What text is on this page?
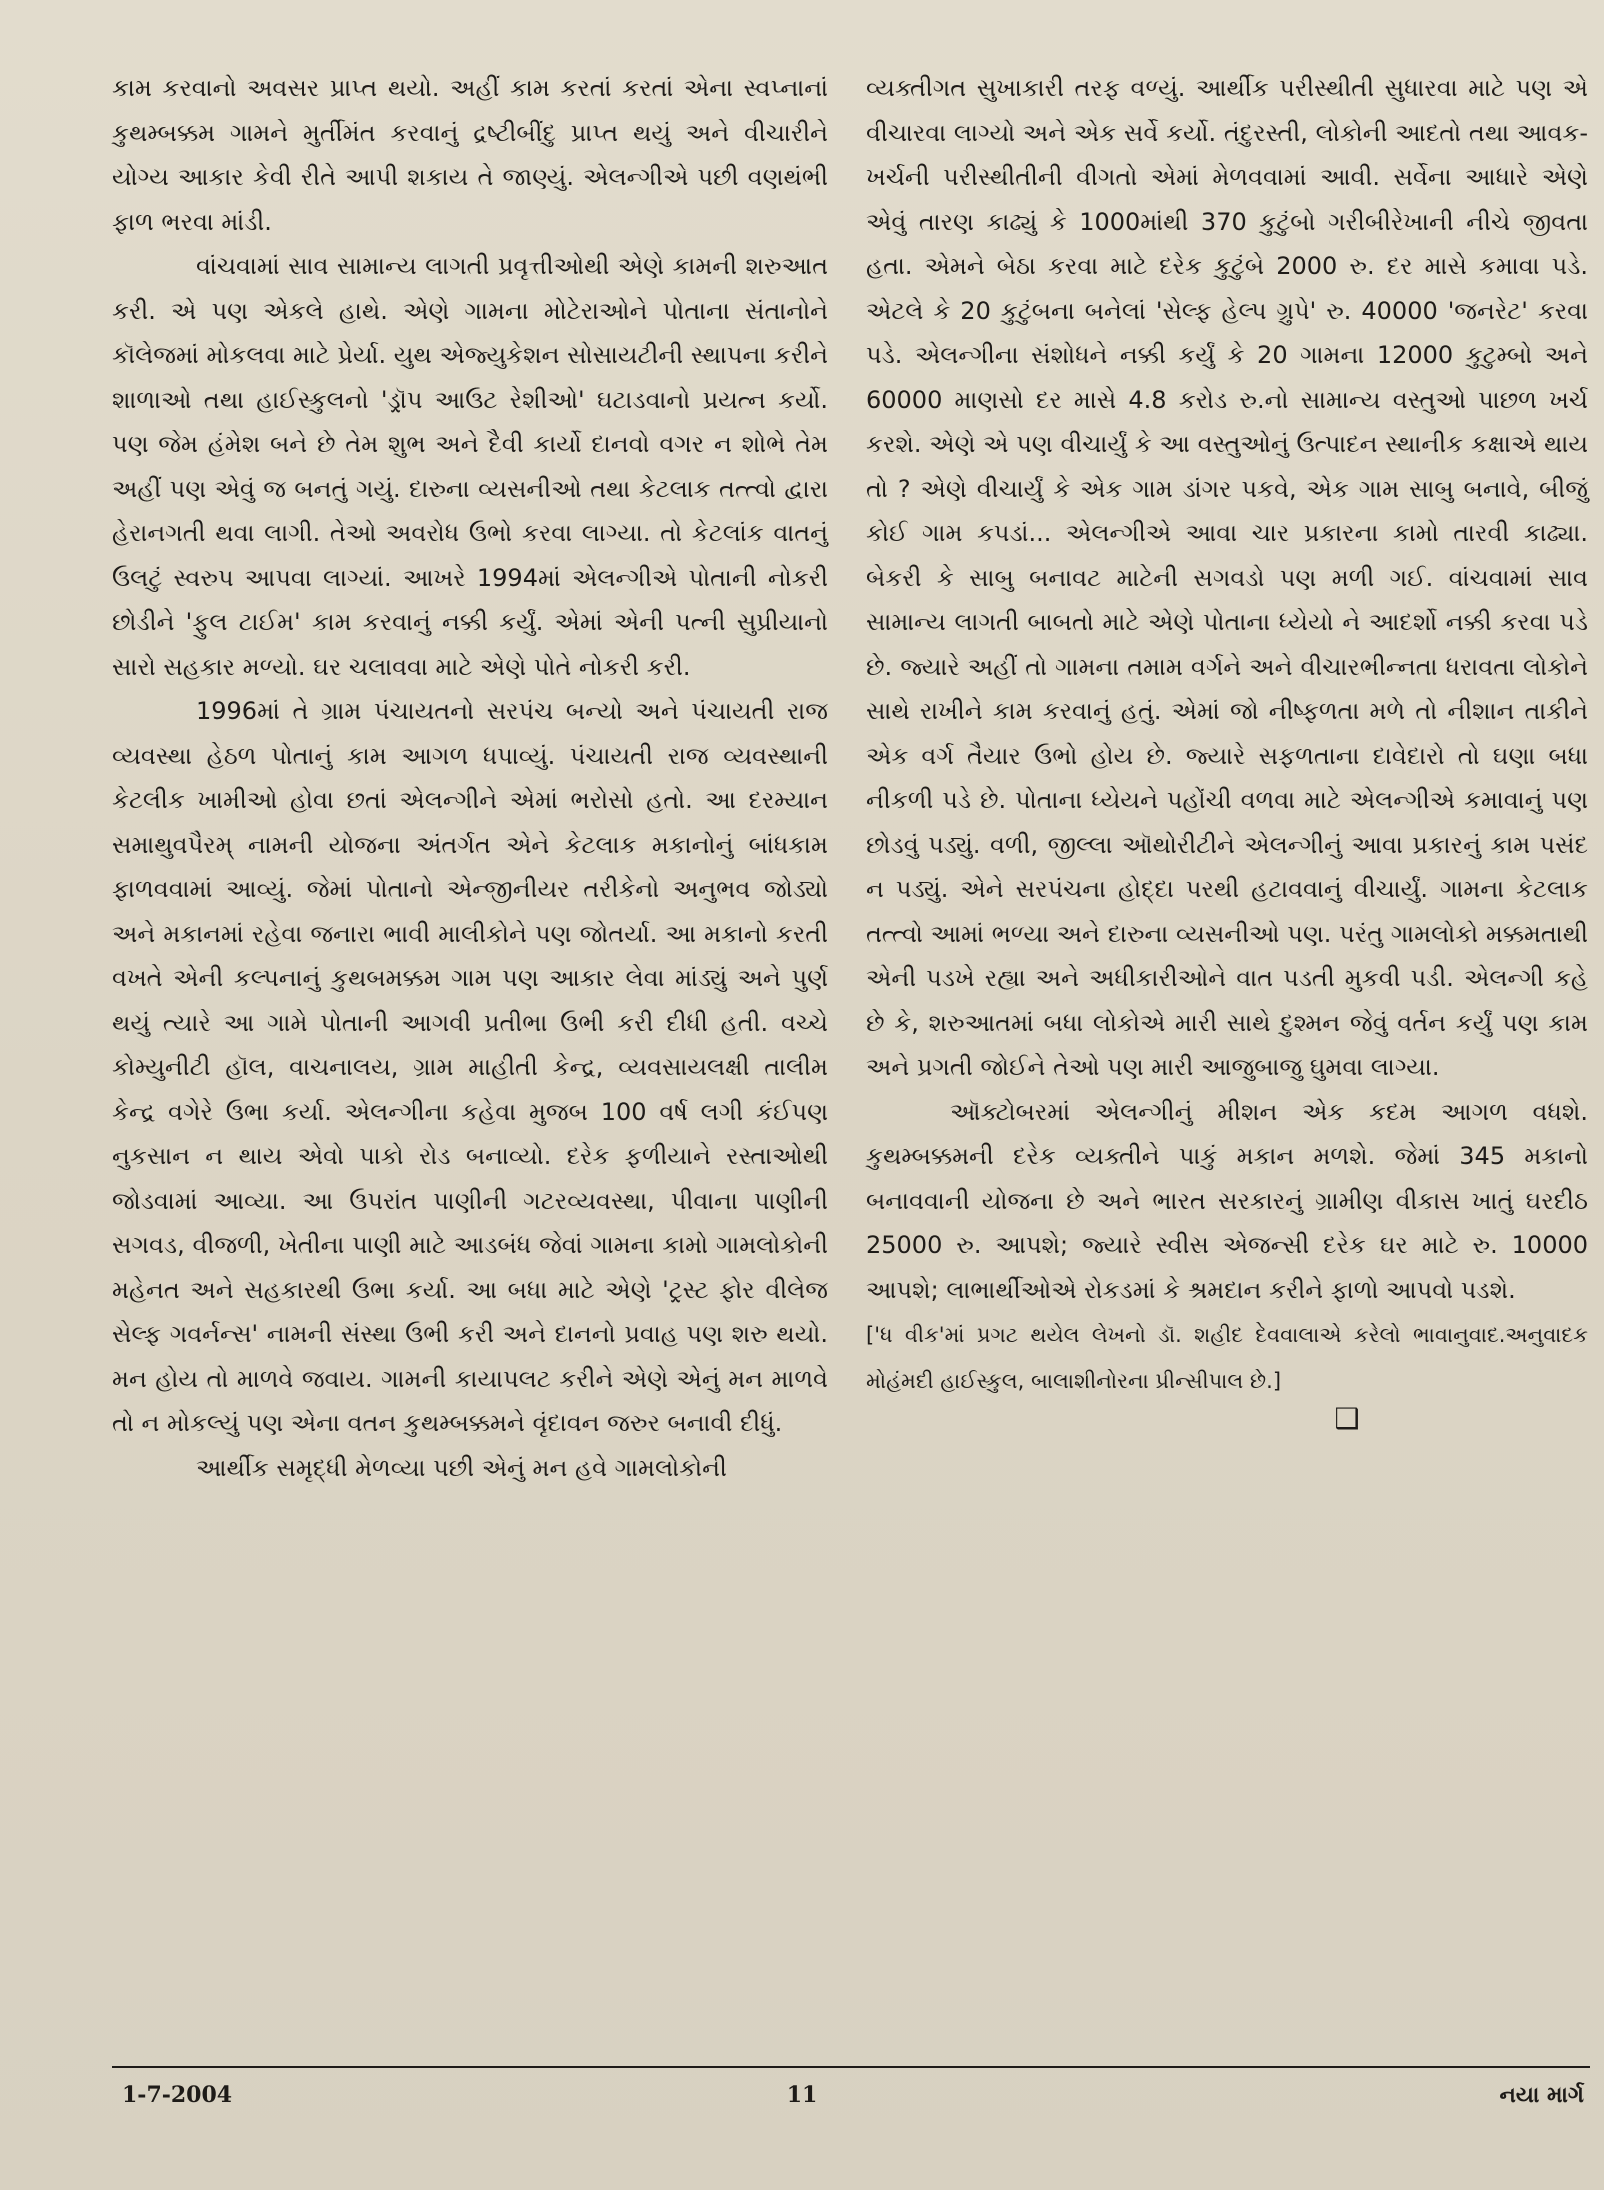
કામ કરવાનો અવસર પ્રાપ્ત થયો. અહીં કામ કરતાં કરતાં એના સ્વપ્નાનાં કુથમ્બક્કમ ગામને મુર્તીમંત કરવાનું દ્રષ્ટીબીંદુ પ્રાપ્ત થયું અને વીચારીને યોગ્ય આકાર કેવી રીતે આપી શકાય તે જાણ્યું. એલન્ગીએ પછી વણથંભી ફાળ ભરવા માંડી.

વાંચવામાં સાવ સામાન્ય લાગતી પ્રવૃત્તીઓથી એણે કામની શરુઆત કરી. એ પણ એકલે હાથે. એણે ગામના મોટેરાઓને પોતાના સંતાનોને કૉલેજમાં મોકલવા માટે પ્રેર્યા. યુથ એજ્યુકેશન સોસાયટીની સ્થાપના કરીને શાળાઓ તથા હાઈસ્કુલનો 'ડ્રૉપ આઉટ રેશીઓ' ઘટાડવાનો પ્રયત્ન કર્યો. પણ જેમ હંમેશ બને છે તેમ શુભ અને દૈવી કાર્યો દાનવો વગર ન શોભે તેમ અહીં પણ એવું જ બનતું ગયું. દારુના વ્યસનીઓ તથા કેટલાક તત્ત્વો દ્વારા હેરાનગતી થવા લાગી. તેઓ અવરોધ ઉભો કરવા લાગ્યા. તો કેટલાંક વાતનું ઉલટું સ્વરુપ આપવા લાગ્યાં. આખરે 1994માં એલન્ગીએ પોતાની નોકરી છોડીને 'ફુલ ટાઈમ' કામ કરવાનું નક્કી કર્યું. એમાં એની પત્ની સુપ્રીયાનો સારો સહકાર મળ્યો. ઘર ચલાવવા માટે એણે પોતે નોકરી કરી.

1996માં તે ગ્રામ પંચાયતનો સરપંચ બન્યો અને પંચાયતી રાજ વ્યવસ્થા હેઠળ પોતાનું કામ આગળ ધપાવ્યું. પંચાયતી રાજ વ્યવસ્થાની કેટલીક ખામીઓ હોવા છતાં એલન્ગીને એમાં ભરોસો હતો. આ દરમ્યાન સમાથુવપૈરમ્ નામની યોજના અંતર્ગત એને કેટલાક મકાનોનું બાંધકામ ફાળવવામાં આવ્યું. જેમાં પોતાનો એન્જીનીયર તરીકેનો અનુભવ જોડ્યો અને મકાનમાં રહેવા જનારા ભાવી માલીકોને પણ જોતર્યા. આ મકાનો કરતી વખતે એની કલ્પનાનું કુથબમક્કમ ગામ પણ આકાર લેવા માંડ્યું અને પુર્ણ થયું ત્યારે આ ગામે પોતાની આગવી પ્રતીભા ઉભી કરી દીધી હતી. વચ્ચે કોમ્યુનીટી હૉલ, વાચનાલય, ગ્રામ માહીતી કેન્દ્ર, વ્યવસાયલક્ષી તાલીમ કેન્દ્ર વગેરે ઉભા કર્યા. એલન્ગીના કહેવા મુજબ 100 વર્ષ લગી કંઈપણ નુકસાન ન થાય એવો પાકો રોડ બનાવ્યો. દરેક ફળીયાને રસ્તાઓથી જોડવામાં આવ્યા. આ ઉપરાંત પાણીની ગટરવ્યવસ્થા, પીવાના પાણીની સગવડ, વીજળી, ખેતીના પાણી માટે આડબંધ જેવાં ગામના કામો ગામલોકોની મહેનત અને સહકારથી ઉભા કર્યા. આ બધા માટે એણે 'ટ્રસ્ટ ફોર વીલેજ સેલ્ફ ગવર્નન્સ' નામની સંસ્થા ઉભી કરી અને દાનનો પ્રવાહ પણ શરુ થયો. મન હોય તો માળવે જવાય. ગામની કાયાપલટ કરીને એણે એનું મન માળવે તો ન મોકલ્યું પણ એના વતન કુથમ્બક્કમને વૃંદાવન જરુર બનાવી દીધું.

આર્થીક સમૃદ્ધી મેળવ્યા પછી એનું મન હવે ગામલોકોની

વ્યક્તીગત સુખાકારી તરફ વળ્યું. આર્થીક પરીસ્થીતી સુધારવા માટે પણ એ વીચારવા લાગ્યો અને એક સર્વે કર્યો. તંદુરસ્તી, લોકોની આદતો તથા આવક-ખર્ચની પરીસ્થીતીની વીગતો એમાં મેળવવામાં આવી. સર્વેના આધારે એણે એવું તારણ કાઢ્યું કે 1000માંથી 370 કુટુંબો ગરીબીરેખાની નીચે જીવતા હતા. એમને બેઠા કરવા માટે દરેક કુટુંબે 2000 રુ. દર માસે કમાવા પડે. એટલે કે 20 કુટુંબના બનેલાં 'સેલ્ફ હેલ્પ ગ્રુપે' રુ. 40000 'જનરેટ' કરવા પડે. એલન્ગીના સંશોધને નક્કી કર્યું કે 20 ગામના 12000 કુટુમ્બો અને 60000 માણસો દર માસે 4.8 કરોડ રુ.નો સામાન્ય વસ્તુઓ પાછળ ખર્ચ કરશે. એણે એ પણ વીચાર્યું કે આ વસ્તુઓનું ઉત્પાદન સ્થાનીક કક્ષાએ થાય તો ? એણે વીચાર્યું કે એક ગામ ડાંગર પકવે, એક ગામ સાબુ બનાવે, બીજું કોઈ ગામ કપડાં... એલન્ગીએ આવા ચાર પ્રકારના કામો તારવી કાઢ્યા. બેકરી કે સાબુ બનાવટ માટેની સગવડો પણ મળી ગઈ. વાંચવામાં સાવ સામાન્ય લાગતી બાબતો માટે એણે પોતાના ધ્યેયો ને આદર્શો નક્કી કરવા પડે છે. જ્યારે અહીં તો ગામના તમામ વર્ગને અને વીચારભીન્નતા ધરાવતા લોકોને સાથે રાખીને કામ કરવાનું હતું. એમાં જો નીષ્ફળતા મળે તો નીશાન તાકીને એક વર્ગ તૈયાર ઉભો હોય છે. જ્યારે સફળતાના દાવેદારો તો ઘણા બધા નીકળી પડે છે. પોતાના ધ્યેયને પહોંચી વળવા માટે એલન્ગીએ કમાવાનું પણ છોડવું પડ્યું. વળી, જીલ્લા ઑથોરીટીને એલન્ગીનું આવા પ્રકારનું કામ પસંદ ન પડ્યું. એને સરપંચના હોદ્દા પરથી હટાવવાનું વીચાર્યું. ગામના કેટલાક તત્ત્વો આમાં ભળ્યા અને દારુના વ્યસનીઓ પણ. પરંતુ ગામલોકો મક્કમતાથી એની પડખે રહ્યા અને અધીકારીઓને વાત પડતી મુકવી પડી. એલન્ગી કહે છે કે, શરુઆતમાં બધા લોકોએ મારી સાથે દુશ્મન જેવું વર્તન કર્યું પણ કામ અને પ્રગતી જોઈને તેઓ પણ મારી આજુબાજુ ઘુમવા લાગ્યા.

ઑક્ટોબરમાં એલન્ગીનું મીશન એક કદમ આગળ વધશે. કુથમ્બક્કમની દરેક વ્યક્તીને પાકું મકાન મળશે. જેમાં 345 મકાનો બનાવવાની યોજના છે અને ભારત સરકારનું ગ્રામીણ વીકાસ ખાતું ઘરદીઠ 25000 રુ. આપશે; જ્યારે સ્વીસ એજન્સી દરેક ઘર માટે રુ. 10000 આપશે; લાભાર્થીઓએ રોકડમાં કે શ્રમદાન કરીને ફાળો આપવો પડશે.

['ધ વીક'માં પ્રગટ થયેલ લેખનો ડૉ. શહીદ દેવવાલાએ કરેલો ભાવાનુવાદ.અનુવાદક મોહંમદી હાઈસ્કુલ, બાલાશીનોરના પ્રીન્સીપાલ છે.]

❑

11
1-7-2004	નયા માર્ગ
